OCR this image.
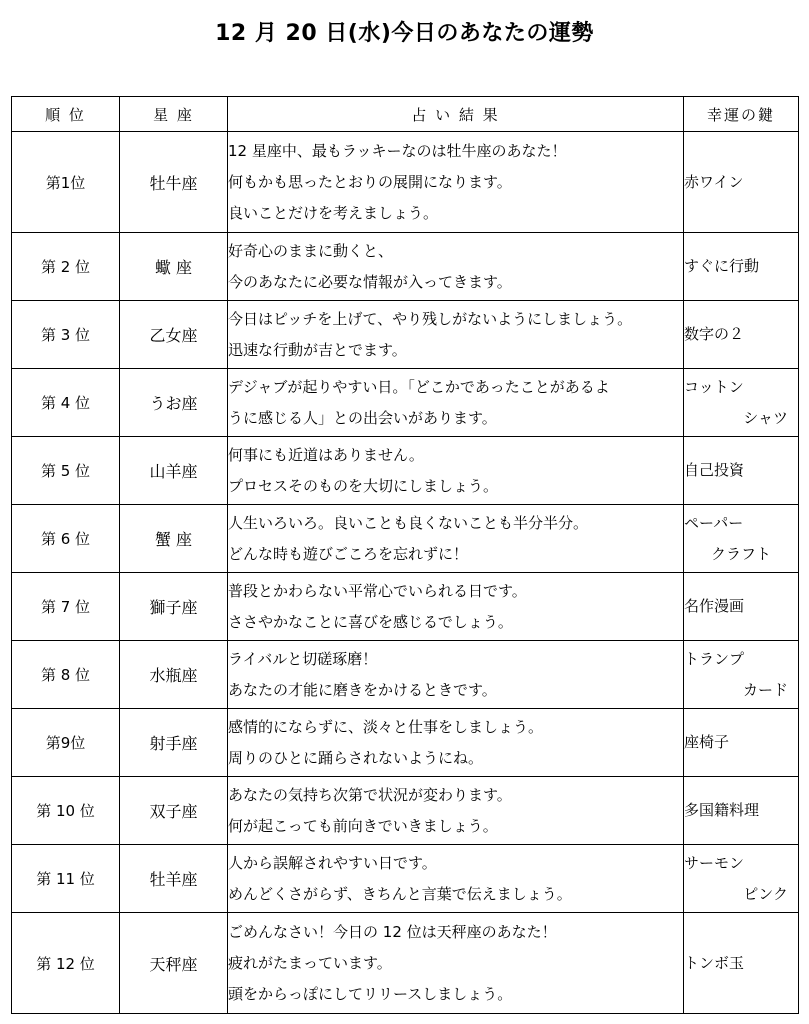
12 月 20 日(水)今日のあなたの運勢
順 位	星 座	占 い 結 果	幸運の鍵
第1位	牡牛座	12 星座中、最もラッキーなのは牡牛座のあなた！
何もかも思ったとおりの展開になります。
良いことだけを考えましょう。	赤ワイン

第 2 位	蠍 座	好奇心のままに動くと、
今のあなたに必要な情報が入ってきます。	すぐに行動

第 3 位	乙女座	今日はピッチを上げて、やり残しがないようにしましょう。
迅速な行動が吉とでます。	数字の２

第 4 位	うお座	デジャブが起りやすい日。「どこかであったことがあるよ
うに感じる人」との出会いがあります。	コットン
シャツ

第 5 位	山羊座	何事にも近道はありません。
プロセスそのものを大切にしましょう。	自己投資

第 6 位	蟹 座	人生いろいろ。良いことも良くないことも半分半分。
どんな時も遊びごころを忘れずに！	ペーパー
クラフト

第 7 位	獅子座	普段とかわらない平常心でいられる日です。
ささやかなことに喜びを感じるでしょう。	名作漫画

第 8 位	水瓶座	ライバルと切磋琢磨！
あなたの才能に磨きをかけるときです。	トランプ
カード

第9位	射手座	感情的にならずに、淡々と仕事をしましょう。
周りのひとに踊らされないようにね。	座椅子

第 10 位	双子座	あなたの気持ち次第で状況が変わります。
何が起こっても前向きでいきましょう。	多国籍料理

第 11 位	牡羊座	人から誤解されやすい日です。
めんどくさがらず、きちんと言葉で伝えましょう。	サーモン
ピンク

第 12 位	天秤座	ごめんなさい！今日の 12 位は天秤座のあなた！
疲れがたまっています。
頭をからっぽにしてリリースしましょう。	トンボ玉
